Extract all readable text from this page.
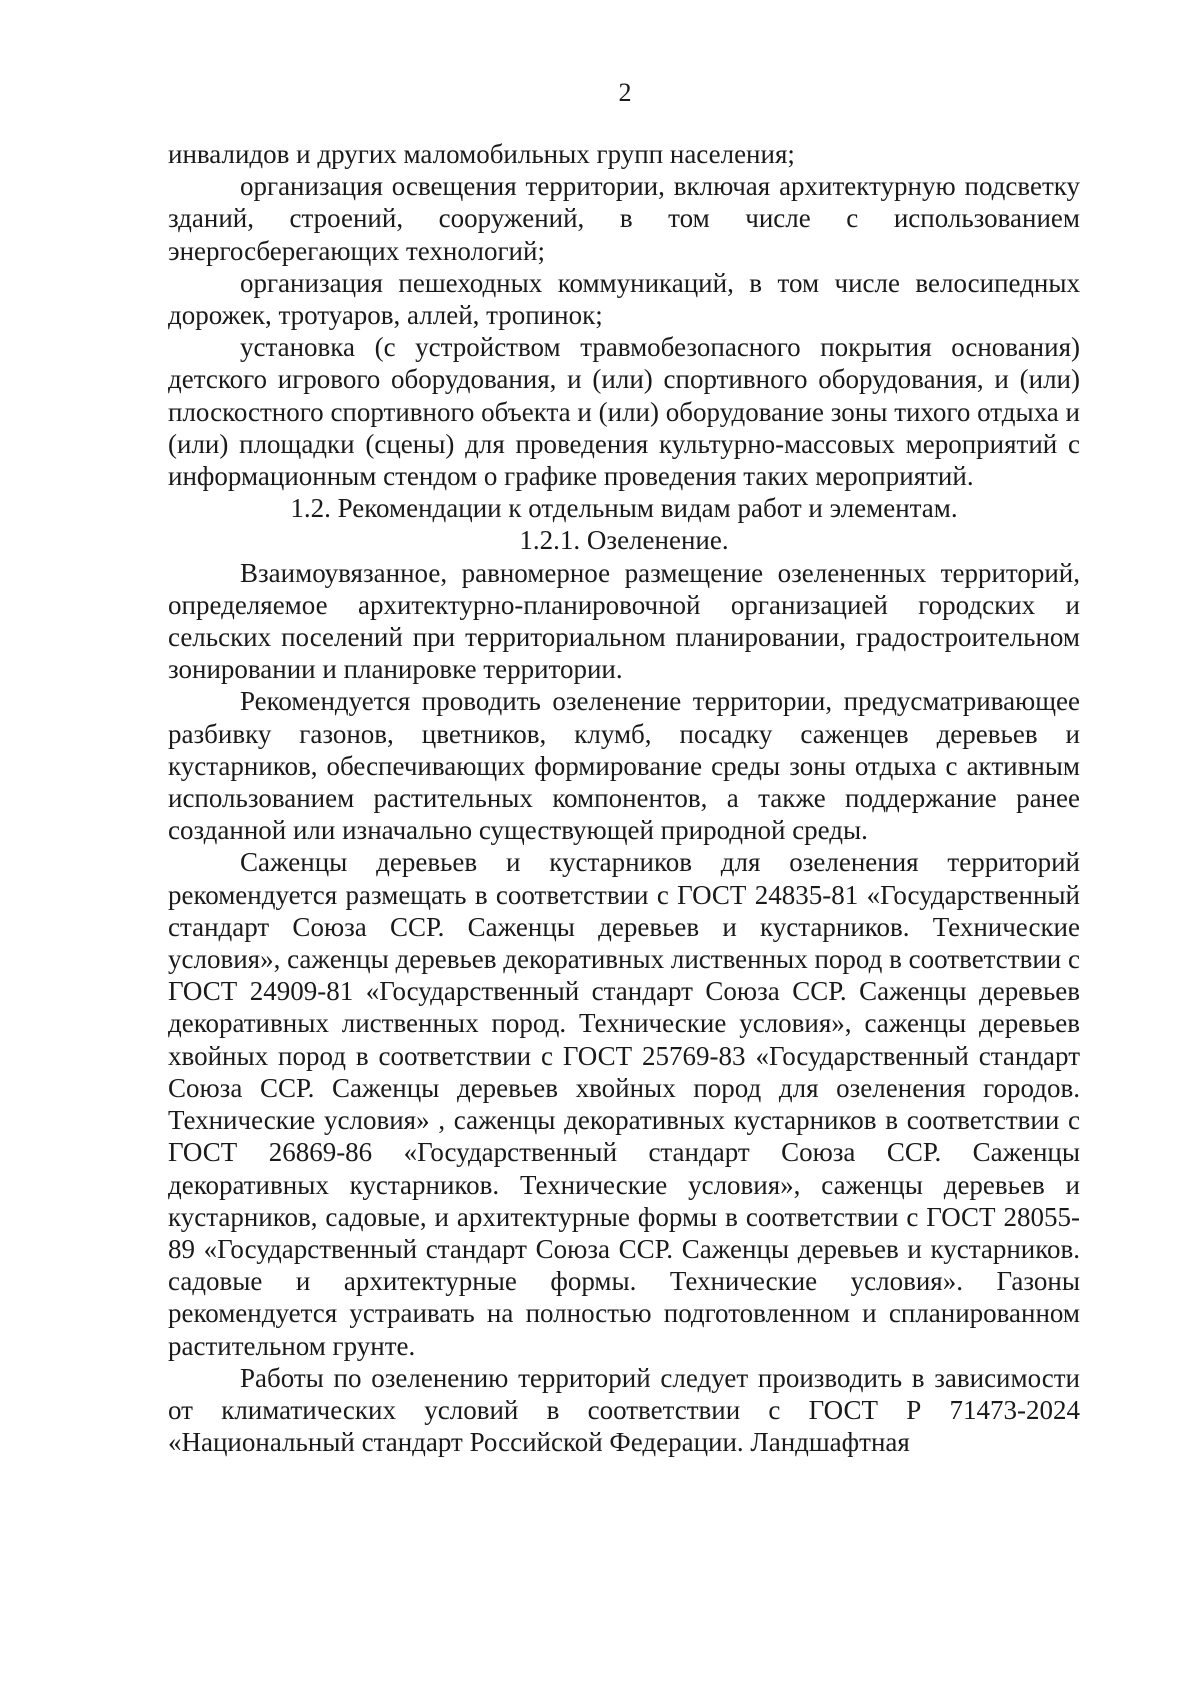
2

инвалидов и других маломобильных групп населения;

организация освещения территории, включая архитектурную подсветку зданий, строений, сооружений, в том числе с использованием энергосберегающих технологий;

организация пешеходных коммуникаций, в том числе велосипедных дорожек, тротуаров, аллей, тропинок;

установка (с устройством травмобезопасного покрытия основания) детского игрового оборудования, и (или) спортивного оборудования, и (или) плоскостного спортивного объекта и (или) оборудование зоны тихого отдыха и (или) площадки (сцены) для проведения культурно-массовых мероприятий с информационным стендом о графике проведения таких мероприятий.

1.2. Рекомендации к отдельным видам работ и элементам.

1.2.1. Озеленение.

Взаимоувязанное, равномерное размещение озелененных территорий, определяемое архитектурно-планировочной организацией городских и сельских поселений при территориальном планировании, градостроительном зонировании и планировке территории.

Рекомендуется проводить озеленение территории, предусматривающее разбивку газонов, цветников, клумб, посадку саженцев деревьев и кустарников, обеспечивающих формирование среды зоны отдыха с активным использованием растительных компонентов, а также поддержание ранее созданной или изначально существующей природной среды.

Саженцы деревьев и кустарников для озеленения территорий рекомендуется размещать в соответствии с ГОСТ 24835-81 «Государственный стандарт Союза ССР. Саженцы деревьев и кустарников. Технические условия», саженцы деревьев декоративных лиственных пород в соответствии с ГОСТ 24909-81 «Государственный стандарт Союза ССР. Саженцы деревьев декоративных лиственных пород. Технические условия», саженцы деревьев хвойных пород в соответствии с ГОСТ 25769-83 «Государственный стандарт Союза ССР. Саженцы деревьев хвойных пород для озеленения городов. Технические условия» , саженцы декоративных кустарников в соответствии с ГОСТ 26869-86 «Государственный стандарт Союза ССР. Саженцы декоративных кустарников. Технические условия», саженцы деревьев и кустарников, садовые, и архитектурные формы в соответствии с ГОСТ 28055-89 «Государственный стандарт Союза ССР. Саженцы деревьев и кустарников. садовые и архитектурные формы. Технические условия». Газоны рекомендуется устраивать на полностью подготовленном и спланированном растительном грунте.

Работы по озеленению территорий следует производить в зависимости от климатических условий в соответствии с ГОСТ Р 71473-2024 «Национальный стандарт Российской Федерации. Ландшафтная
